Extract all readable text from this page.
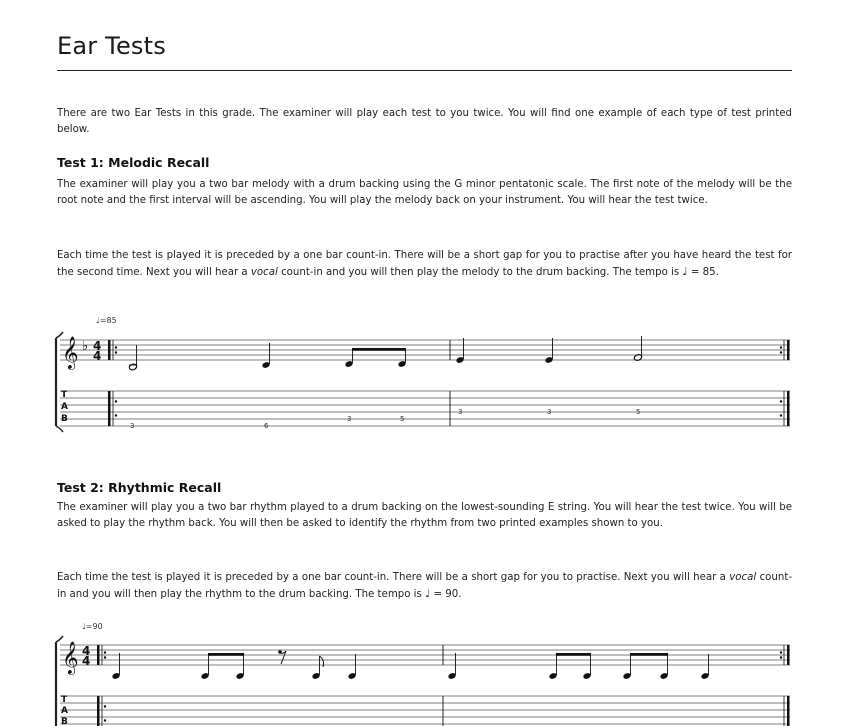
Ear Tests
There are two Ear Tests in this grade. The examiner will play each test to you twice. You will find one example of each type of test printed below.
Test 1: Melodic Recall
The examiner will play you a two bar melody with a drum backing using the G minor pentatonic scale. The first note of the melody will be the root note and the first interval will be ascending. You will play the melody back on your instrument. You will hear the test twice.
Each time the test is played it is preceded by a one bar count-in. There will be a short gap for you to practise after you have heard the test for the second time. Next you will hear a vocal count-in and you will then play the melody to the drum backing. The tempo is ♩ = 85.
♩=85
𝄞 ♭ 4
4
T
A
B
3	6
3	5
3	3	5
Test 2: Rhythmic Recall
The examiner will play you a two bar rhythm played to a drum backing on the lowest-sounding E string. You will hear the test twice. You will be asked to play the rhythm back. You will then be asked to identify the rhythm from two printed examples shown to you.
Each time the test is played it is preceded by a one bar count-in. There will be a short gap for you to practise. Next you will hear a vocal count-in and you will then play the rhythm to the drum backing. The tempo is ♩ = 90.
♩=90
𝄞 4
4
T
A
B
